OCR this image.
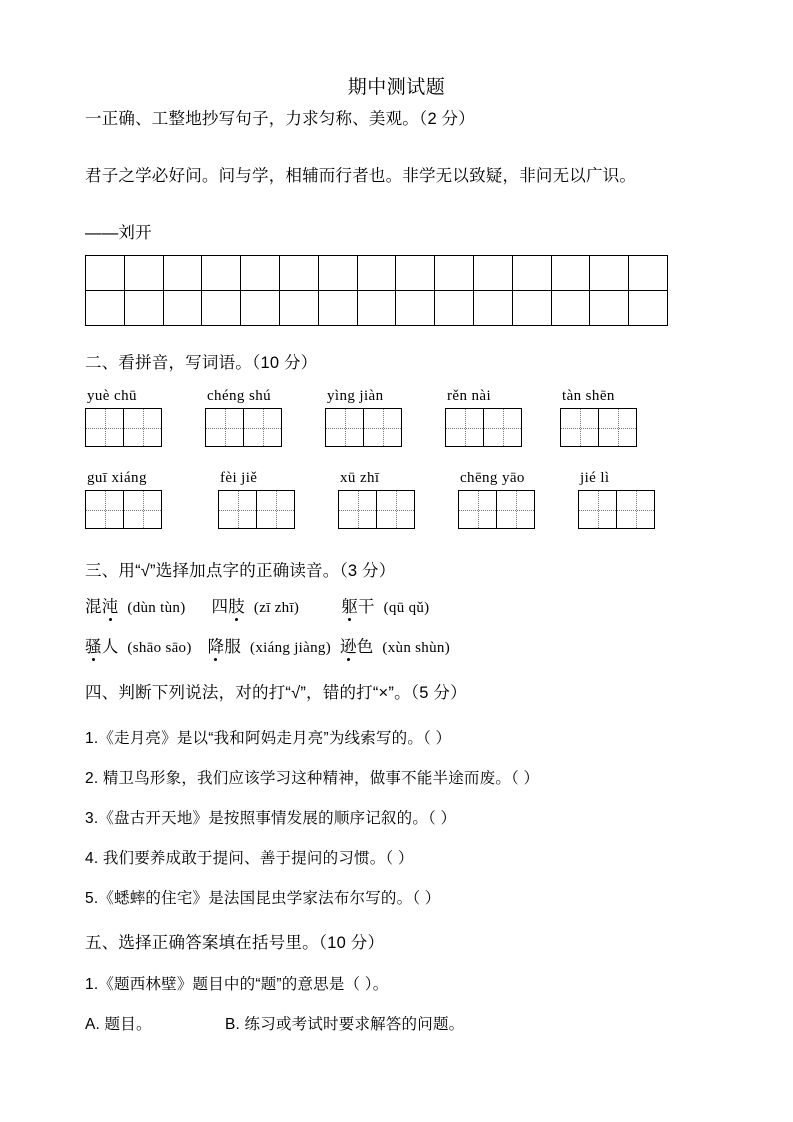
期中测试题
一正确、工整地抄写句子，力求匀称、美观。（2 分）
君子之学必好问。问与学，相辅而行者也。非学无以致疑，非问无以广识。
——刘开
二、看拼音，写词语。（10 分）
yuè chū	chéng shú	yìng jiàn	rěn nài	tàn shēn
guī xiáng	fèi jiě	xū zhī	chēng yāo	jié lì
三、用“√”选择加点字的正确读音。（3 分）
混沌 (dùn tùn) 四肢 (zī zhī)	躯干 (qū qǔ)
骚人 (shāo sāo) 降服 (xiáng jiàng) 逊色 (xùn shùn)
四、判断下列说法，对的打“√”，错的打“×”。（5 分）
1.《走月亮》是以“我和阿妈走月亮”为线索写的。（ ）
2. 精卫鸟形象，我们应该学习这种精神，做事不能半途而废。（ ）
3.《盘古开天地》是按照事情发展的顺序记叙的。（ ）
4. 我们要养成敢于提问、善于提问的习惯。（ ）
5.《蟋蟀的住宅》是法国昆虫学家法布尔写的。（ ）
五、选择正确答案填在括号里。（10 分）
1.《题西林壁》题目中的“题”的意思是（ ）。
A. 题目。	B. 练习或考试时要求解答的问题。
